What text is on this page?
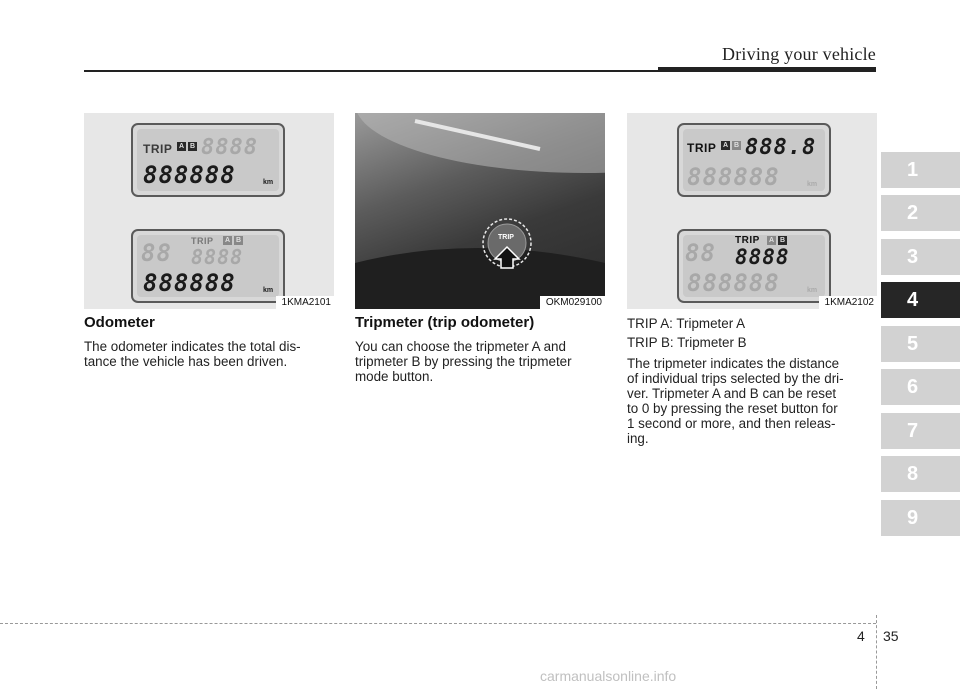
Driving your vehicle
TRIP A B 8888
888888	km
88 TRIP A B
8888
888888	km
1KMA2101
TRIP
OKM029100
TRIP A B 888.8
888888	km
88 TRIP A B
8888
888888	km
1KMA2102
Odometer

The odometer indicates the total dis-
tance the vehicle has been driven.

Tripmeter (trip odometer)

You can choose the tripmeter A and
tripmeter B by pressing the tripmeter
mode button.

TRIP A: Tripmeter A

TRIP B: Tripmeter B

The tripmeter indicates the distance
of individual trips selected by the dri-
ver. Tripmeter A and B can be reset
to 0 by pressing the reset button for
1 second or more, and then releas-
ing.

1
2
3
4
5
6
7
8
9
4 35
carmanualsonline.info
